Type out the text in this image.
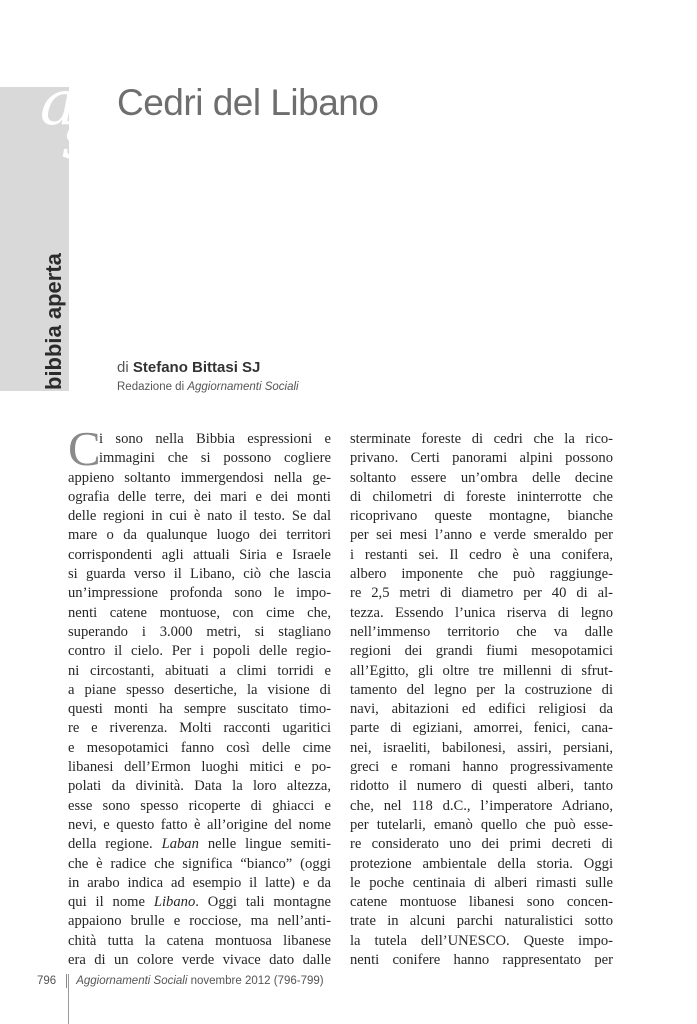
a
s
bibbia aperta
Cedri del Libano
di Stefano Bittasi SJ
Redazione di Aggiornamenti Sociali
C
i sono nella Bibbia espressioni e
immagini che si possono cogliere
appieno soltanto immergendosi nella ge-
ografia delle terre, dei mari e dei monti
delle regioni in cui è nato il testo. Se dal
mare o da qualunque luogo dei territori
corrispondenti agli attuali Siria e Israele
si guarda verso il Libano, ciò che lascia
un’impressione profonda sono le impo-
nenti catene montuose, con cime che,
superando i 3.000 metri, si stagliano
contro il cielo. Per i popoli delle regio-
ni circostanti, abituati a climi torridi e
a piane spesso desertiche, la visione di
questi monti ha sempre suscitato timo-
re e riverenza. Molti racconti ugaritici
e mesopotamici fanno così delle cime
libanesi dell’Ermon luoghi mitici e po-
polati da divinità. Data la loro altezza,
esse sono spesso ricoperte di ghiacci e
nevi, e questo fatto è all’origine del nome
della regione. Laban nelle lingue semiti-
che è radice che significa “bianco” (oggi
in arabo indica ad esempio il latte) e da
qui il nome Libano. Oggi tali montagne
appaiono brulle e rocciose, ma nell’anti-
chità tutta la catena montuosa libanese
era di un colore verde vivace dato dalle
sterminate foreste di cedri che la rico-
privano. Certi panorami alpini possono
soltanto essere un’ombra delle decine
di chilometri di foreste ininterrotte che
ricoprivano queste montagne, bianche
per sei mesi l’anno e verde smeraldo per
i restanti sei. Il cedro è una conifera,
albero imponente che può raggiunge-
re 2,5 metri di diametro per 40 di al-
tezza. Essendo l’unica riserva di legno
nell’immenso territorio che va dalle
regioni dei grandi fiumi mesopotamici
all’Egitto, gli oltre tre millenni di sfrut-
tamento del legno per la costruzione di
navi, abitazioni ed edifici religiosi da
parte di egiziani, amorrei, fenici, cana-
nei, israeliti, babilonesi, assiri, persiani,
greci e romani hanno progressivamente
ridotto il numero di questi alberi, tanto
che, nel 118 d.C., l’imperatore Adriano,
per tutelarli, emanò quello che può esse-
re considerato uno dei primi decreti di
protezione ambientale della storia. Oggi
le poche centinaia di alberi rimasti sulle
catene montuose libanesi sono concen-
trate in alcuni parchi naturalistici sotto
la tutela dell’UNESCO. Queste impo-
nenti conifere hanno rappresentato per
796 Aggiornamenti Sociali novembre 2012 (796-799)
